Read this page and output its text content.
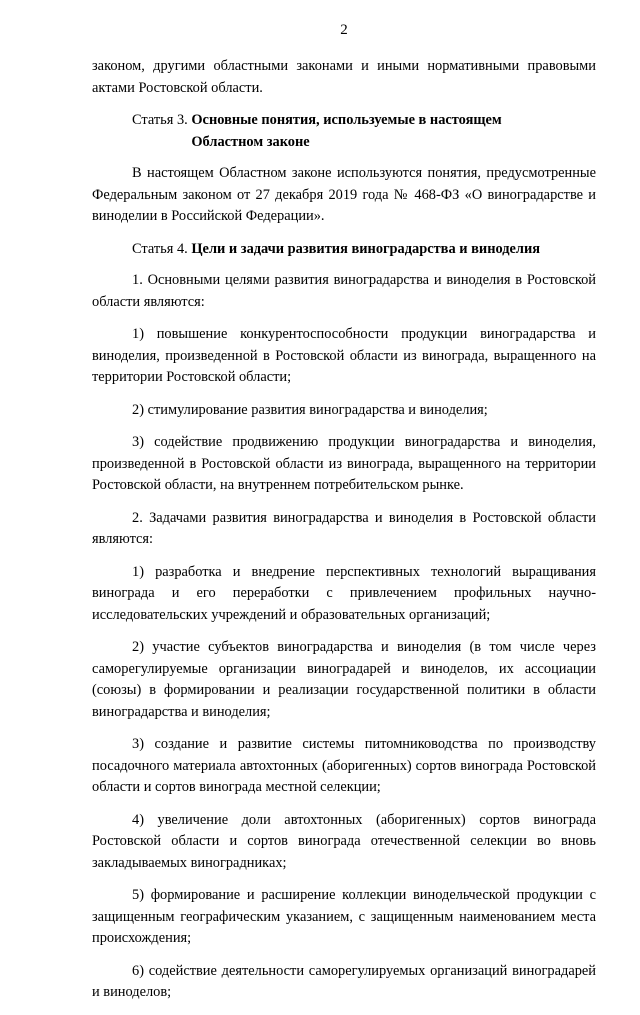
2

законом, другими областными законами и иными нормативными правовыми актами Ростовской области.

Статья 3. Основные понятия, используемые в настоящем
Областном законе

В настоящем Областном законе используются понятия, предусмотренные Федеральным законом от 27 декабря 2019 года № 468-ФЗ «О виноградарстве и виноделии в Российской Федерации».

Статья 4. Цели и задачи развития виноградарства и виноделия

1. Основными целями развития виноградарства и виноделия в Ростовской области являются:

1) повышение конкурентоспособности продукции виноградарства и виноделия, произведенной в Ростовской области из винограда, выращенного на территории Ростовской области;

2) стимулирование развития виноградарства и виноделия;

3) содействие продвижению продукции виноградарства и виноделия, произведенной в Ростовской области из винограда, выращенного на территории Ростовской области, на внутреннем потребительском рынке.

2. Задачами развития виноградарства и виноделия в Ростовской области являются:

1) разработка и внедрение перспективных технологий выращивания винограда и его переработки с привлечением профильных научно-исследовательских учреждений и образовательных организаций;

2) участие субъектов виноградарства и виноделия (в том числе через саморегулируемые организации виноградарей и виноделов, их ассоциации (союзы) в формировании и реализации государственной политики в области виноградарства и виноделия;

3) создание и развитие системы питомниководства по производству посадочного материала автохтонных (аборигенных) сортов винограда Ростовской области и сортов винограда местной селекции;

4) увеличение доли автохтонных (аборигенных) сортов винограда Ростовской области и сортов винограда отечественной селекции во вновь закладываемых виноградниках;

5) формирование и расширение коллекции винодельческой продукции с защищенным географическим указанием, с защищенным наименованием места происхождения;

6) содействие деятельности саморегулируемых организаций виноградарей и виноделов;
